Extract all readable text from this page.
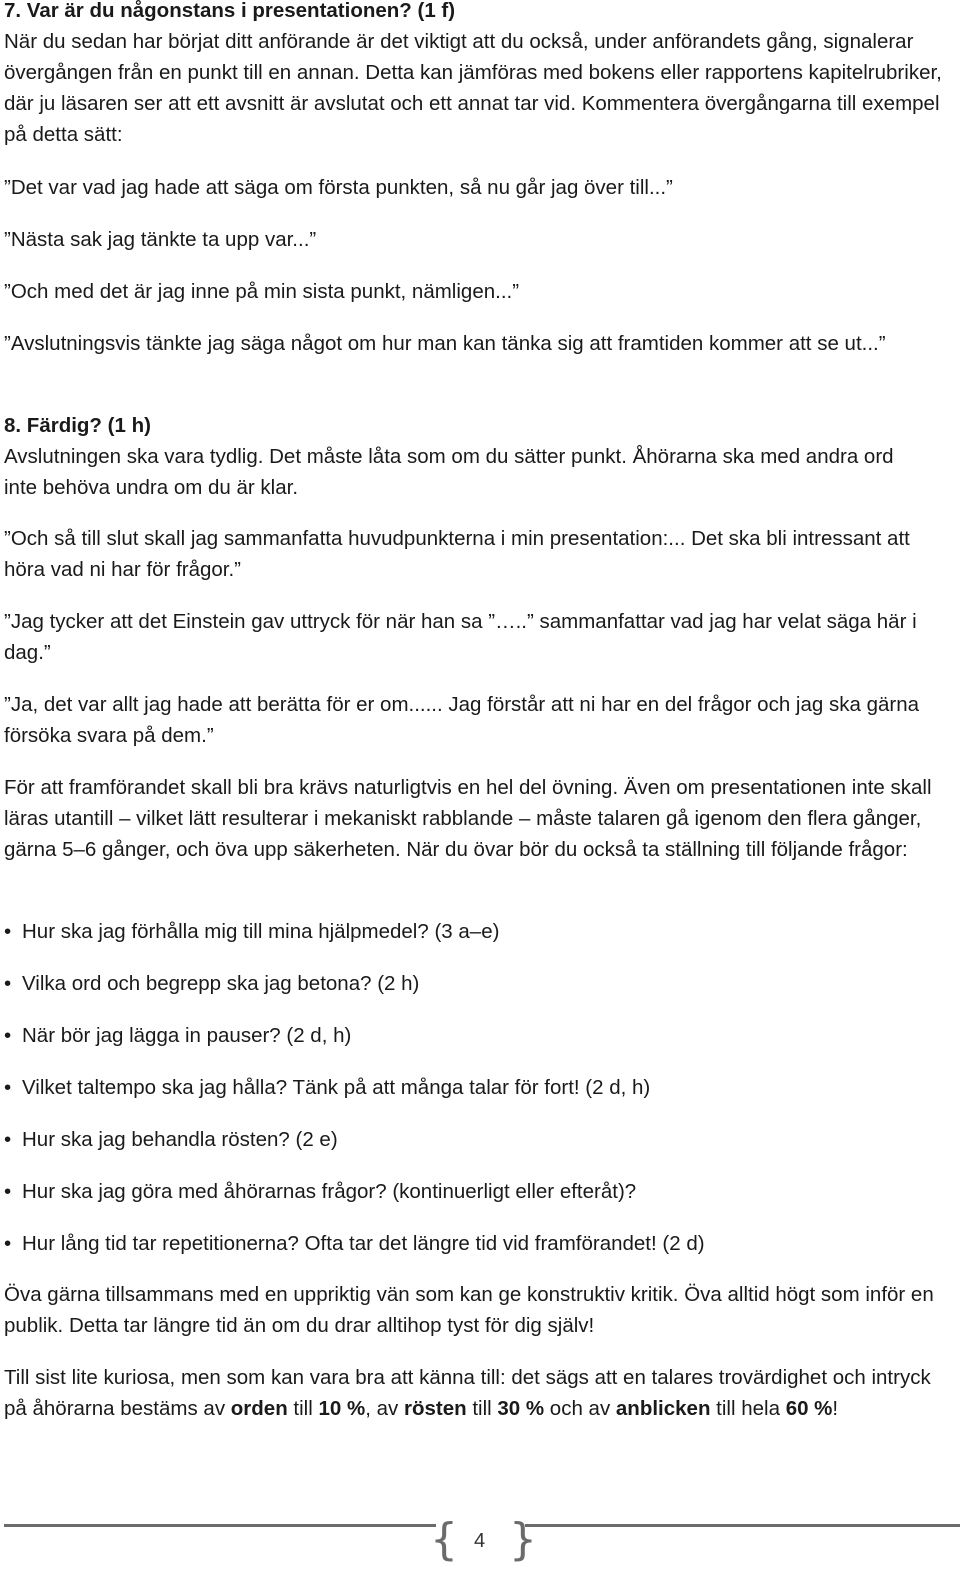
7. Var är du någonstans i presentationen? (1 f)

När du sedan har börjat ditt anförande är det viktigt att du också, under anförandets gång, signalerar övergången från en punkt till en annan. Detta kan jämföras med bokens eller rapportens kapitelrubriker, där ju läsaren ser att ett avsnitt är avslutat och ett annat tar vid. Kommentera övergångarna till exempel på detta sätt:

”Det var vad jag hade att säga om första punkten, så nu går jag över till...”

”Nästa sak jag tänkte ta upp var...”

”Och med det är jag inne på min sista punkt, nämligen...”

”Avslutningsvis tänkte jag säga något om hur man kan tänka sig att framtiden kommer att se ut...”

8. Färdig? (1 h)

Avslutningen ska vara tydlig. Det måste låta som om du sätter punkt. Åhörarna ska med andra ord inte behöva undra om du är klar.

”Och så till slut skall jag sammanfatta huvudpunkterna i min presentation:... Det ska bli intressant att höra vad ni har för frågor.”

”Jag tycker att det Einstein gav uttryck för när han sa ”…..” sammanfattar vad jag har velat säga här i dag.”

”Ja, det var allt jag hade att berätta för er om...... Jag förstår att ni har en del frågor och jag ska gärna försöka svara på dem.”

För att framförandet skall bli bra krävs naturligtvis en hel del övning. Även om presentationen inte skall läras utantill – vilket lätt resulterar i mekaniskt rabblande – måste talaren gå igenom den flera gånger, gärna 5–6 gånger, och öva upp säkerheten. När du övar bör du också ta ställning till följande frågor:

• Hur ska jag förhålla mig till mina hjälpmedel? (3 a–e)
• Vilka ord och begrepp ska jag betona? (2 h)
• När bör jag lägga in pauser? (2 d, h)
• Vilket taltempo ska jag hålla? Tänk på att många talar för fort! (2 d, h)
• Hur ska jag behandla rösten? (2 e)
• Hur ska jag göra med åhörarnas frågor? (kontinuerligt eller efteråt)?
• Hur lång tid tar repetitionerna? Ofta tar det längre tid vid framförandet! (2 d)

Öva gärna tillsammans med en uppriktig vän som kan ge konstruktiv kritik. Öva alltid högt som inför en publik. Detta tar längre tid än om du drar alltihop tyst för dig själv!

Till sist lite kuriosa, men som kan vara bra att känna till: det sägs att en talares trovärdighet och intryck på åhörarna bestäms av orden till 10 %, av rösten till 30 % och av anblicken till hela 60 %!

{ 4 }
